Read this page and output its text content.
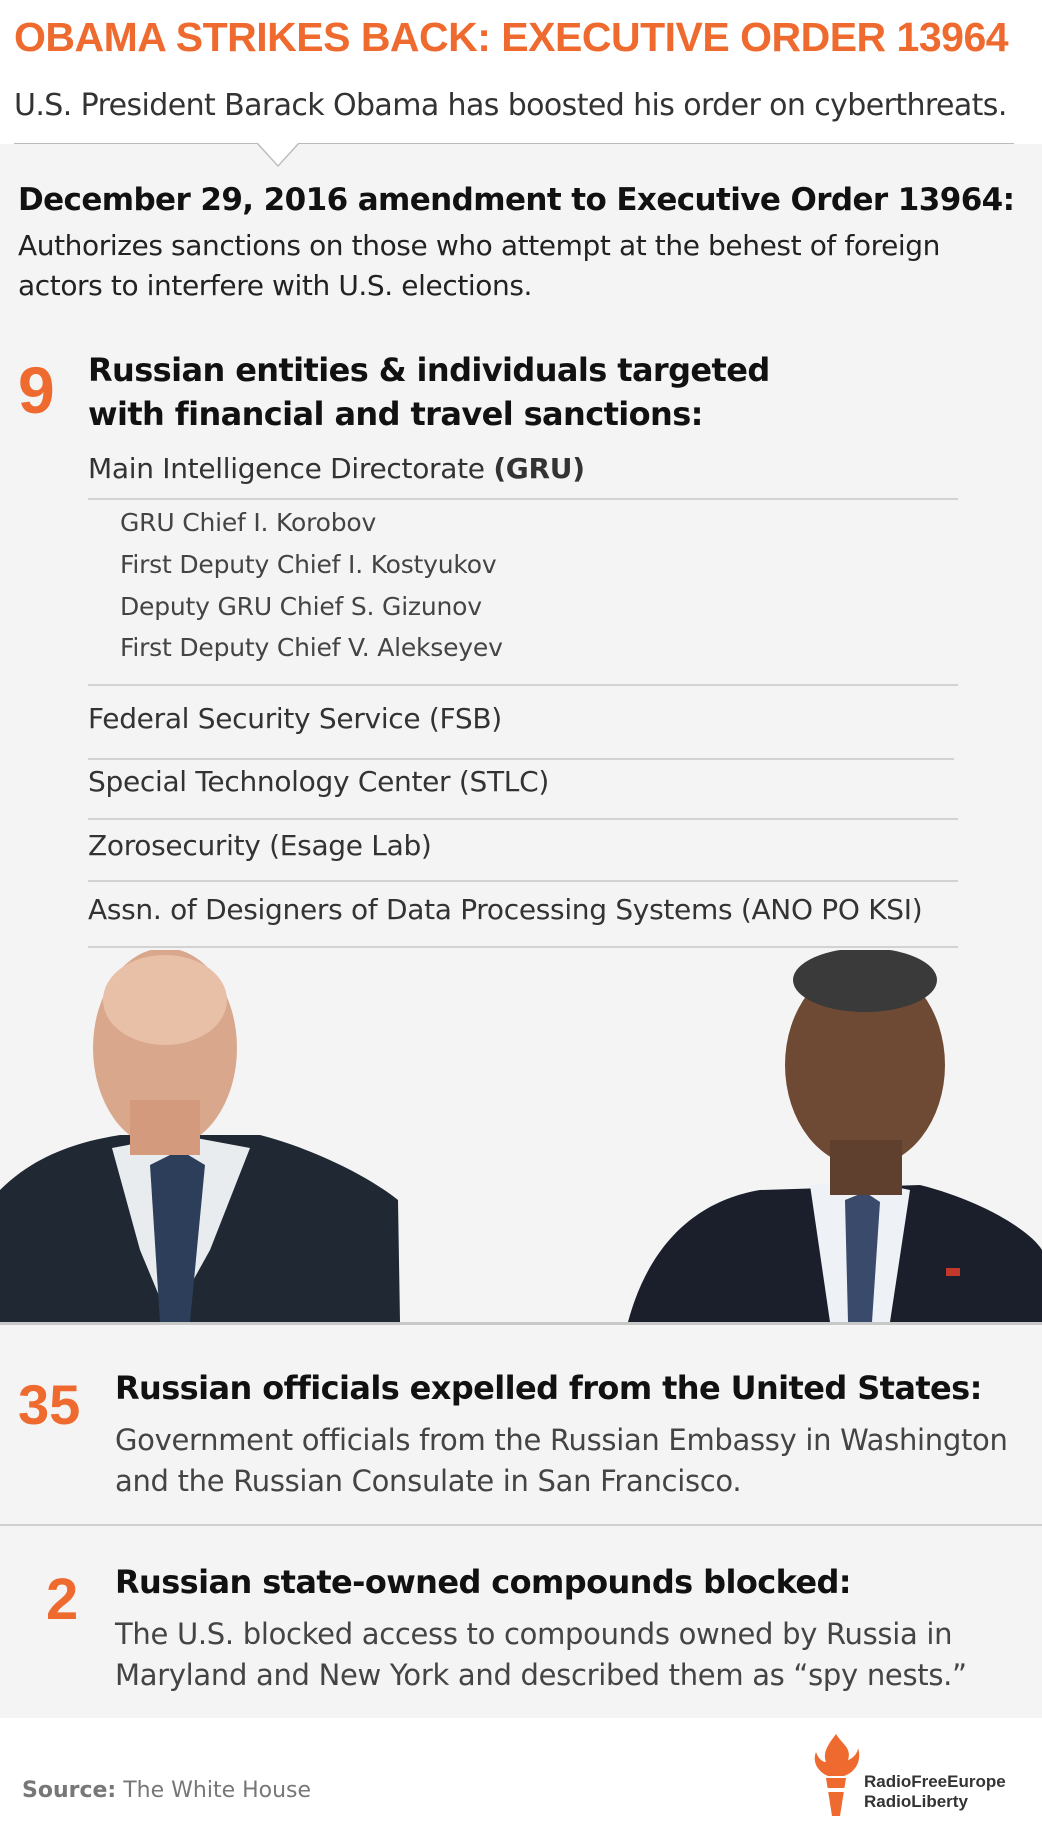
OBAMA STRIKES BACK: EXECUTIVE ORDER 13964
U.S. President Barack Obama has boosted his order on cyberthreats.
December 29, 2016 amendment to Executive Order 13964:
Authorizes sanctions on those who attempt at the behest of foreign
actors to interfere with U.S. elections.
9 Russian entities & individuals targeted
with financial and travel sanctions:
Main Intelligence Directorate (GRU)
GRU Chief I. Korobov
First Deputy Chief I. Kostyukov
Deputy GRU Chief S. Gizunov
First Deputy Chief V. Alekseyev
Federal Security Service (FSB)
Special Technology Center (STLC)
Zorosecurity (Esage Lab)
Assn. of Designers of Data Processing Systems (ANO PO KSI)
35 Russian officials expelled from the United States:
Government officials from the Russian Embassy in Washington
and the Russian Consulate in San Francisco.
2 Russian state-owned compounds blocked:
The U.S. blocked access to compounds owned by Russia in
Maryland and New York and described them as “spy nests.”
Source: The White House	RadioFreeEurope
RadioLiberty
